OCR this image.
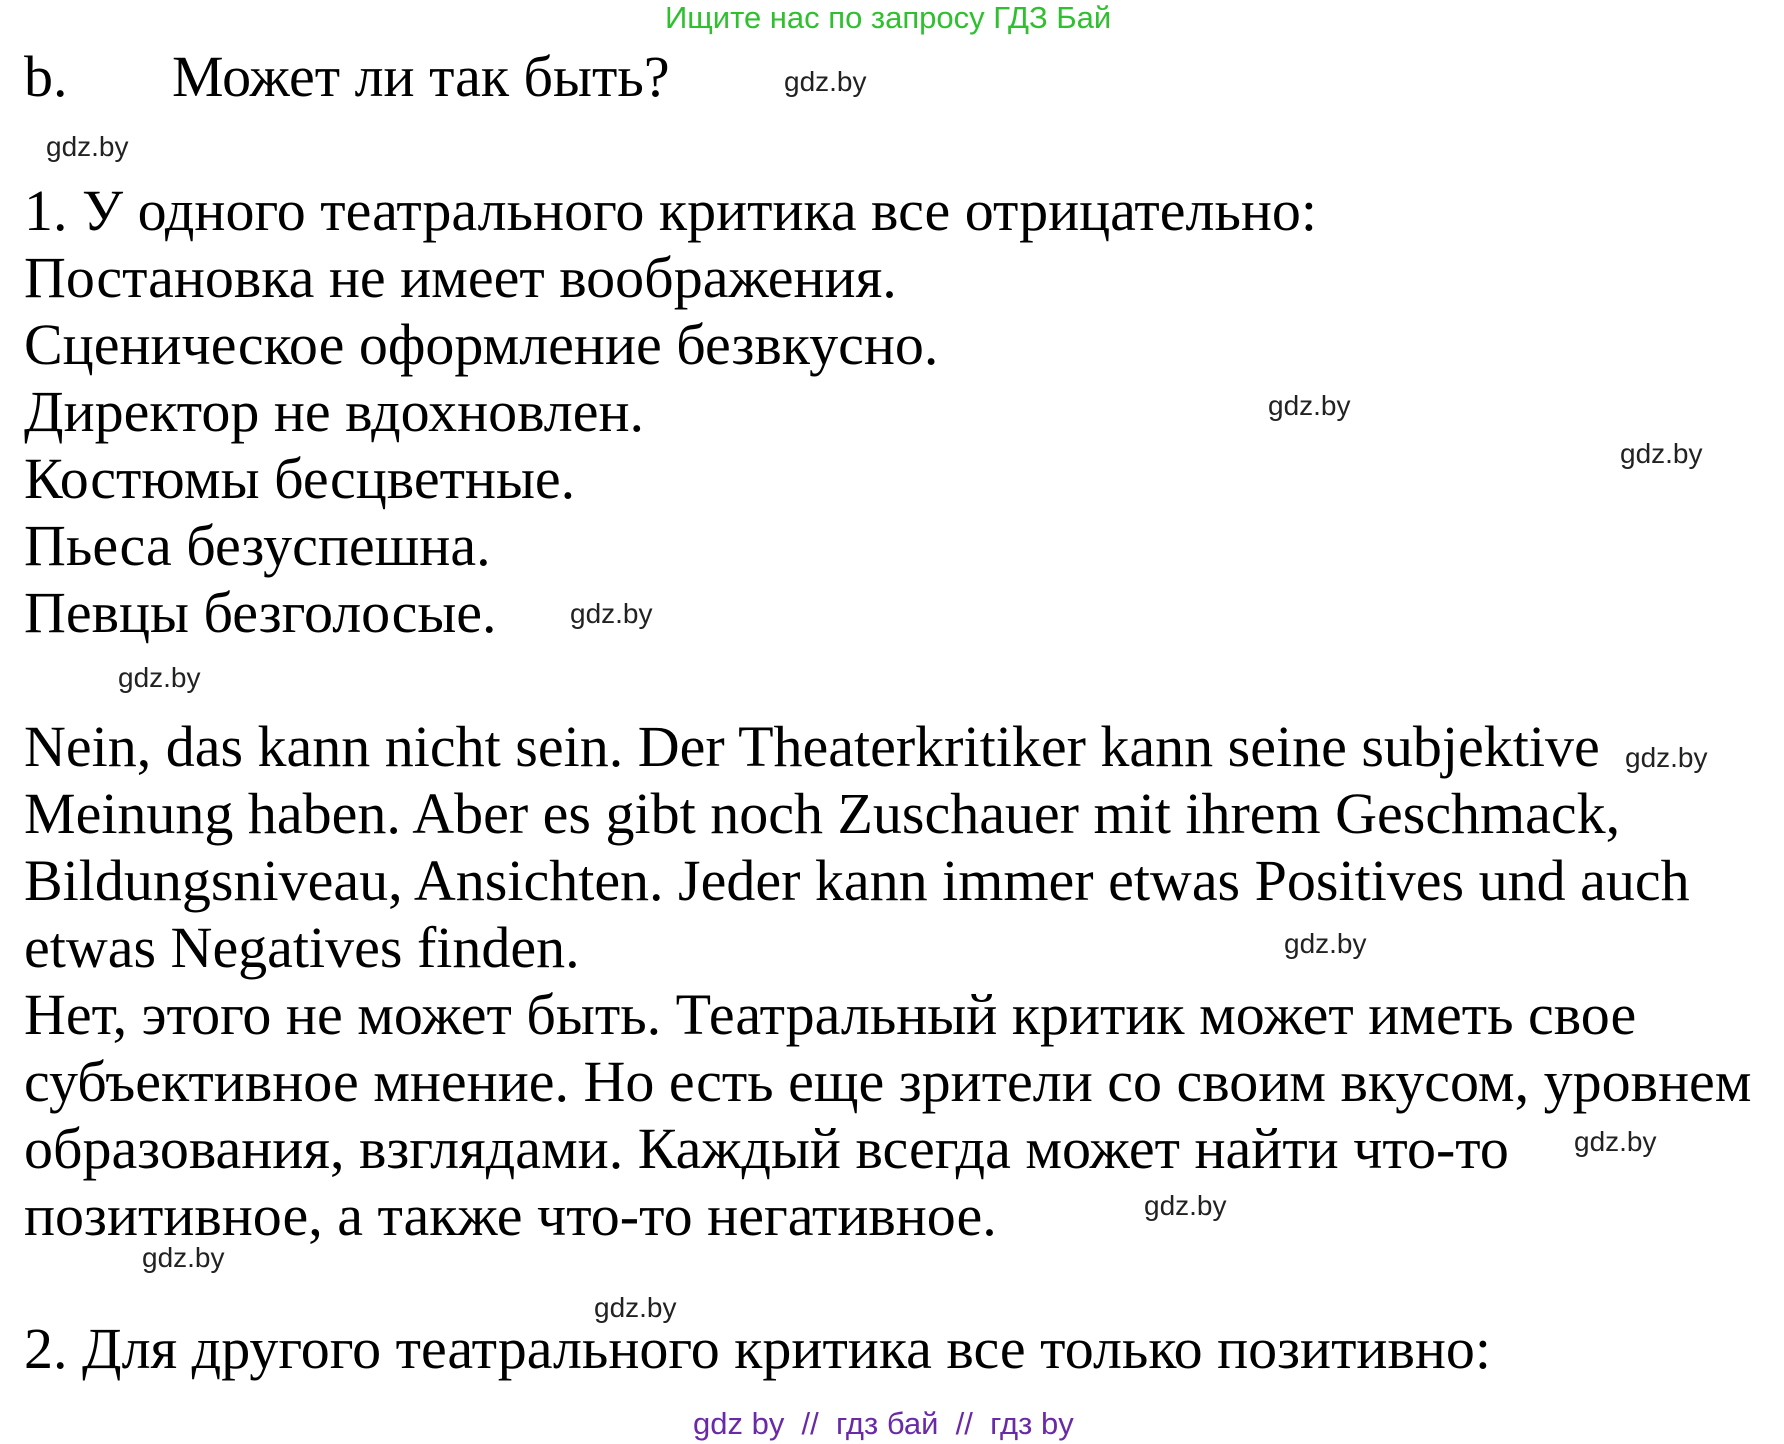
Ищите нас по запросу ГДЗ Бай
b. Может ли так быть?
1. У одного театрального критика все отрицательно:
Постановка не имеет воображения.
Сценическое оформление безвкусно.
Директор не вдохновлен.
Костюмы бесцветные.
Пьеса безуспешна.
Певцы безголосые.
Nein, das kann nicht sein. Der Theaterkritiker kann seine subjektive
Meinung haben. Aber es gibt noch Zuschauer mit ihrem Geschmack,
Bildungsniveau, Ansichten. Jeder kann immer etwas Positives und auch
etwas Negatives finden.
Нет, этого не может быть. Театральный критик может иметь свое
субъективное мнение. Но есть еще зрители со своим вкусом, уровнем
образования, взглядами. Каждый всегда может найти что-то
позитивное, а также что-то негативное.
2. Для другого театрального критика все только позитивно:
gdz.by
gdz.by
gdz.by
gdz.by
gdz.by
gdz.by
gdz.by
gdz.by
gdz.by
gdz.by
gdz.by
gdz.by
gdz by  //  гдз бай  //  гдз by
